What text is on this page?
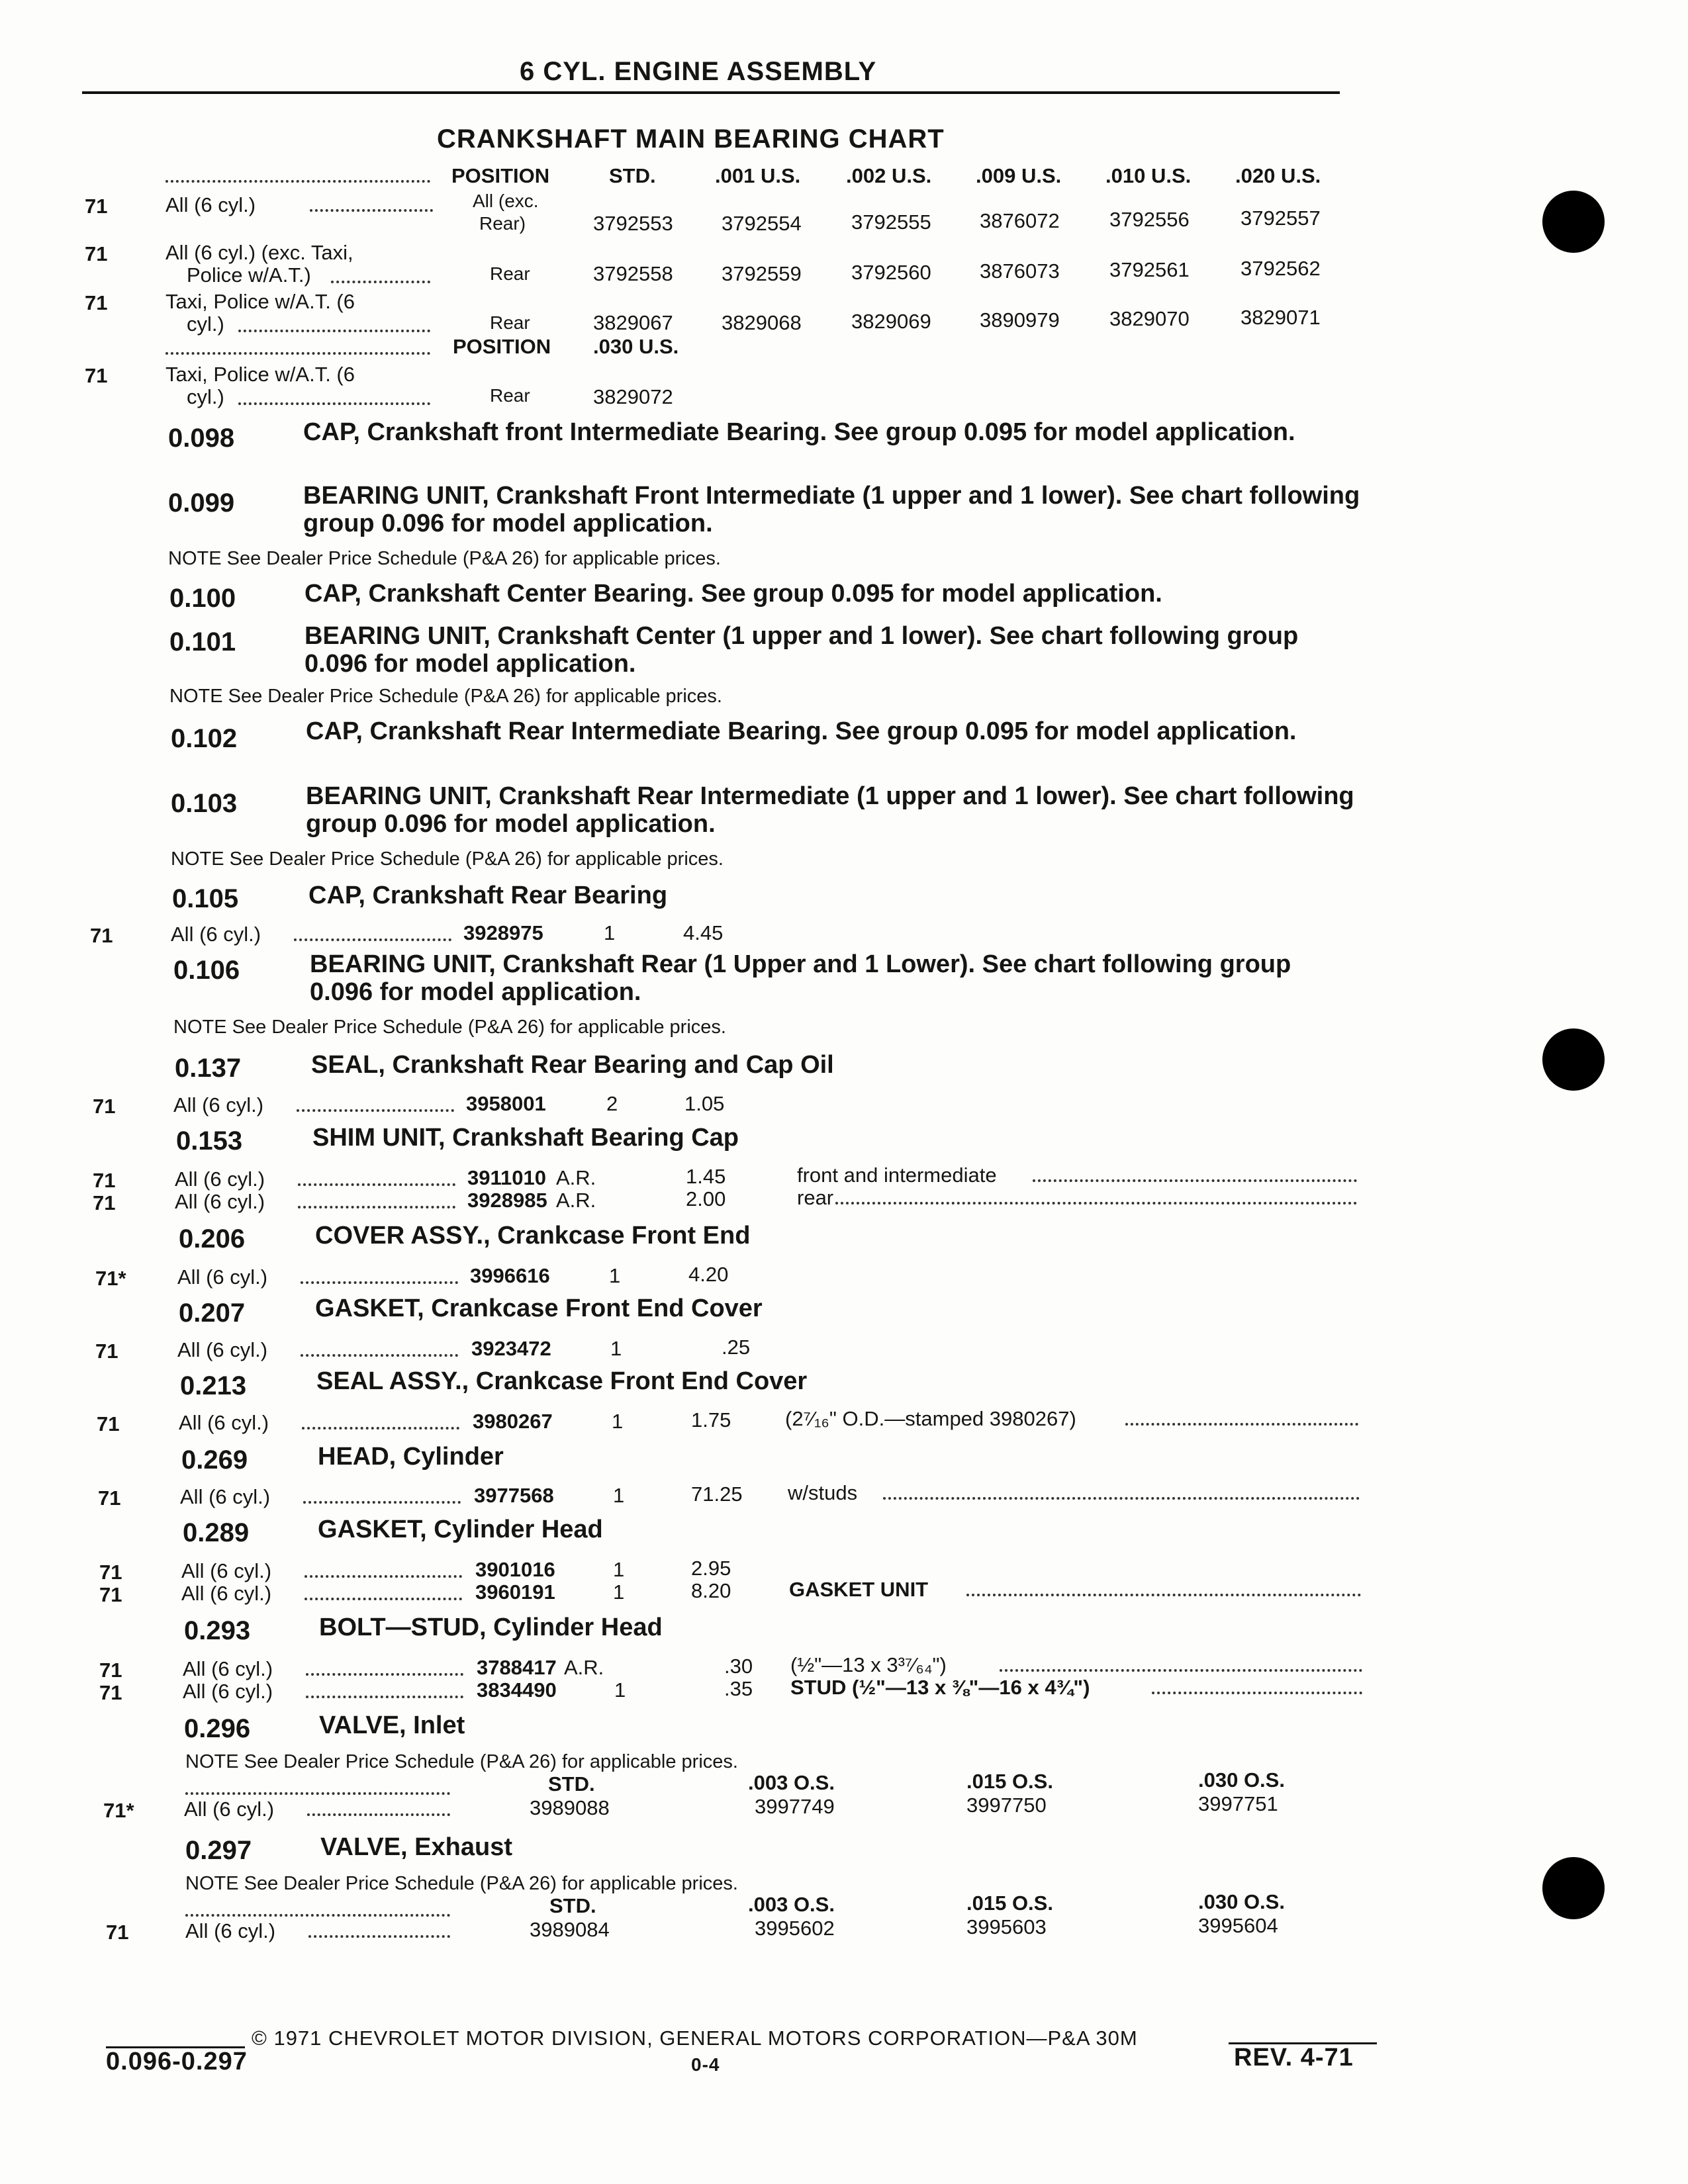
6 CYL. ENGINE ASSEMBLY
CRANKSHAFT MAIN BEARING CHART
POSITION	STD.	.001 U.S. .002 U.S. .009 U.S. .010 U.S. .020 U.S.
71	All (6 cyl.)	All (exc.
Rear)	3792553 3792554 3792555 3876072 3792556 3792557
71	All (6 cyl.) (exc. Taxi,
Police w/A.T.)	Rear	3792558 3792559 3792560 3876073 3792561 3792562
71	Taxi, Police w/A.T. (6
cyl.)	Rear	3829067 3829068 3829069 3890979 3829070 3829071
POSITION .030 U.S.
71	Taxi, Police w/A.T. (6
cyl.)	Rear	3829072
0.098	CAP, Crankshaft front Intermediate Bearing. See group 0.095 for model application.
0.099	BEARING UNIT, Crankshaft Front Intermediate (1 upper and 1 lower). See chart following group 0.096 for model application.
NOTE See Dealer Price Schedule (P&A 26) for applicable prices.
0.100	CAP, Crankshaft Center Bearing. See group 0.095 for model application.
0.101	BEARING UNIT, Crankshaft Center (1 upper and 1 lower). See chart following group 0.096 for model application.
NOTE See Dealer Price Schedule (P&A 26) for applicable prices.
0.102	CAP, Crankshaft Rear Intermediate Bearing. See group 0.095 for model application.
0.103	BEARING UNIT, Crankshaft Rear Intermediate (1 upper and 1 lower). See chart following group 0.096 for model application.
NOTE See Dealer Price Schedule (P&A 26) for applicable prices.
0.105	CAP, Crankshaft Rear Bearing
71	All (6 cyl.)	3928975	1	4.45
0.106	BEARING UNIT, Crankshaft Rear (1 Upper and 1 Lower). See chart following group 0.096 for model application.
NOTE See Dealer Price Schedule (P&A 26) for applicable prices.
0.137	SEAL, Crankshaft Rear Bearing and Cap Oil
71	All (6 cyl.)	3958001	2	1.05
0.153	SHIM UNIT, Crankshaft Bearing Cap
71	All (6 cyl.)	3911010 A.R.	1.45	front and intermediate
71	All (6 cyl.)	3928985 A.R.	2.00	rear
0.206	COVER ASSY., Crankcase Front End
71* All (6 cyl.)	3996616	1	4.20
0.207	GASKET, Crankcase Front End Cover
71	All (6 cyl.)	3923472	1	.25
0.213	SEAL ASSY., Crankcase Front End Cover
71	All (6 cyl.)	3980267	1	1.75	(2⁷⁄₁₆" O.D.—stamped 3980267)
0.269	HEAD, Cylinder
71	All (6 cyl.)	3977568	1	71.25 w/studs
0.289	GASKET, Cylinder Head
71	All (6 cyl.)	3901016	1	2.95
71	All (6 cyl.)	3960191	1	8.20	GASKET UNIT
0.293	BOLT—STUD, Cylinder Head
71	All (6 cyl.)	3788417 A.R.	.30 (½"—13 x 3³⁷⁄₆₄")
71	All (6 cyl.)	3834490	1	.35 STUD (½"—13 x ⅜"—16 x 4¾")
0.296	VALVE, Inlet
NOTE See Dealer Price Schedule (P&A 26) for applicable prices.
STD.	.003 O.S.	.015 O.S.	.030 O.S.
71* All (6 cyl.)	3989088	3997749	3997750	3997751
0.297	VALVE, Exhaust
NOTE See Dealer Price Schedule (P&A 26) for applicable prices.
STD.	.003 O.S.	.015 O.S.	.030 O.S.
71	All (6 cyl.)	3989084	3995602	3995603	3995604
© 1971 CHEVROLET MOTOR DIVISION, GENERAL MOTORS CORPORATION—P&A 30M
0.096-0.297	0-4	REV. 4-71
